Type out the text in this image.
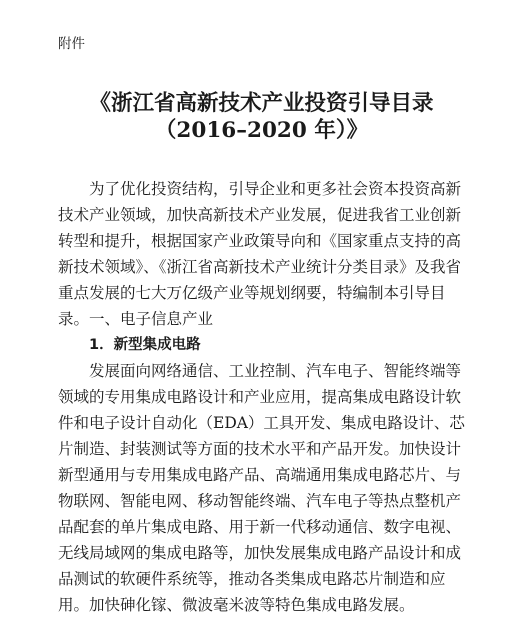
附件

《浙江省高新技术产业投资引导目录
（2016–2020 年）》

为了优化投资结构，引导企业和更多社会资本投资高新技术产业领域，加快高新技术产业发展，促进我省工业创新转型和提升，根据国家产业政策导向和《国家重点支持的高新技术领域》、《浙江省高新技术产业统计分类目录》及我省重点发展的七大万亿级产业等规划纲要，特编制本引导目录。 一、电子信息产业

1．新型集成电路

发展面向网络通信、工业控制、汽车电子、智能终端等领域的专用集成电路设计和产业应用，提高集成电路设计软件和电子设计自动化（EDA）工具开发、集成电路设计、芯片制造、封装测试等方面的技术水平和产品开发。加快设计新型通用与专用集成电路产品、高端通用集成电路芯片、与物联网、智能电网、移动智能终端、汽车电子等热点整机产品配套的单片集成电路、用于新一代移动通信、数字电视、无线局域网的集成电路等，加快发展集成电路产品设计和成品测试的软硬件系统等，推动各类集成电路芯片制造和应用。加快砷化镓、微波毫米波等特色集成电路发展。
